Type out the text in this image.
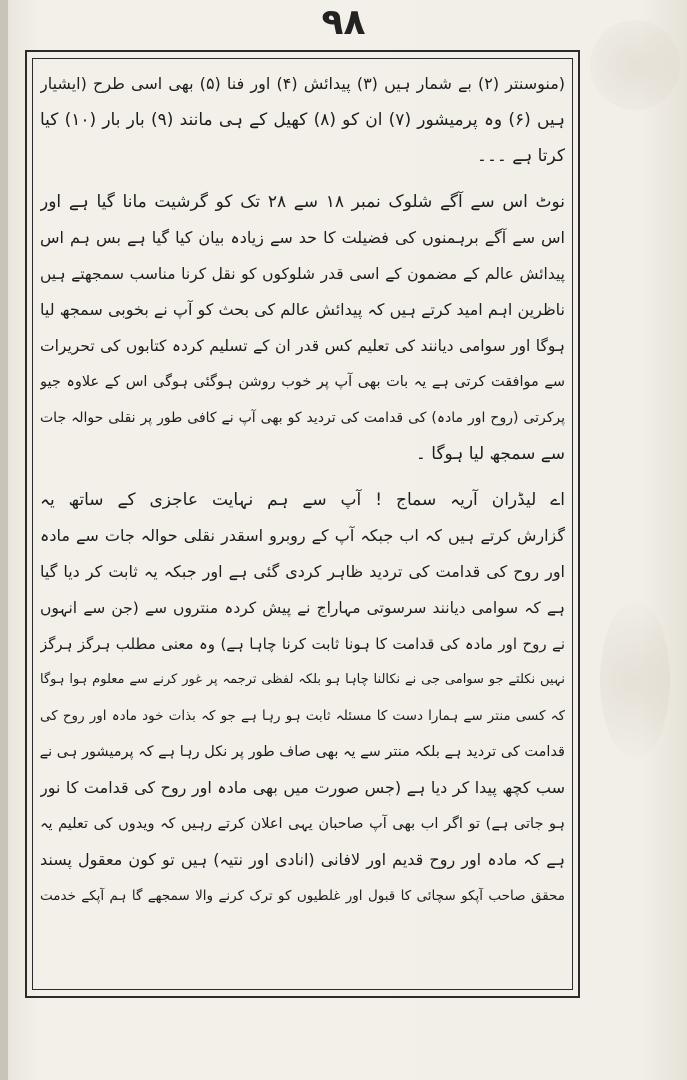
۹۸
(منوسنتر (۲) بے شمار ہیں (۳) پیدائش (۴) اور فنا (۵) بھی اسی طرح (ایشیار
ہیں (۶) وہ پرمیشور (۷) ان کو (۸) کھیل کے ہی مانند (۹) بار بار (۱۰) کیا
کرتا ہے ۔۔۔
نوٹ اس سے آگے شلوک نمبر ۱۸ سے ۲۸ تک کو گرشیت مانا گیا ہے اور
اس سے آگے برہمنوں کی فضیلت کا حد سے زیادہ بیان کیا گیا ہے بس ہم اس
پیدائش عالم کے مضمون کے اسی قدر شلوکوں کو نقل کرنا مناسب سمجھتے ہیں
ناظرین اہم امید کرتے ہیں کہ پیدائش عالم کی بحث کو آپ نے بخوبی سمجھ لیا
ہوگا اور سوامی دیانند کی تعلیم کس قدر ان کے تسلیم کردہ کتابوں کی تحریرات
سے موافقت کرتی ہے یہ بات بھی آپ پر خوب روشن ہوگئی ہوگی اس کے علاوہ جیو
پرکرتی (روح اور مادہ) کی قدامت کی تردید کو بھی آپ نے کافی طور پر نقلی حوالہ جات
سے سمجھ لیا ہوگا ۔
اے لیڈران آریہ سماج ! آپ سے ہم نہایت عاجزی کے ساتھ یہ
گزارش کرتے ہیں کہ اب جبکہ آپ کے روبرو اسقدر نقلی حوالہ جات سے مادہ
اور روح کی قدامت کی تردید ظاہر کردی گئی ہے اور جبکہ یہ ثابت کر دیا گیا
ہے کہ سوامی دیانند سرسوتی مہاراج نے پیش کردہ منتروں سے (جن سے انہوں
نے روح اور مادہ کی قدامت کا ہونا ثابت کرنا چاہا ہے) وہ معنی مطلب ہرگز ہرگز
نہیں نکلتے جو سوامی جی نے نکالنا چاہا ہو بلکہ لفظی ترجمہ پر غور کرنے سے معلوم ہوا ہوگا
کہ کسی منتر سے ہمارا دست کا مسئلہ ثابت ہو رہا ہے جو کہ بذات خود مادہ اور روح کی
قدامت کی تردید ہے بلکہ منتر سے یہ بھی صاف طور پر نکل رہا ہے کہ پرمیشور ہی نے
سب کچھ پیدا کر دیا ہے (جس صورت میں بھی مادہ اور روح کی قدامت کا نور
ہو جاتی ہے) تو اگر اب بھی آپ صاحبان یہی اعلان کرتے رہیں کہ ویدوں کی تعلیم یہ
ہے کہ مادہ اور روح قدیم اور لافانی (انادی اور نتیہ) ہیں تو کون معقول پسند
محقق صاحب آپکو سچائی کا قبول اور غلطیوں کو ترک کرنے والا سمجھے گا ہم آپکے خدمت
